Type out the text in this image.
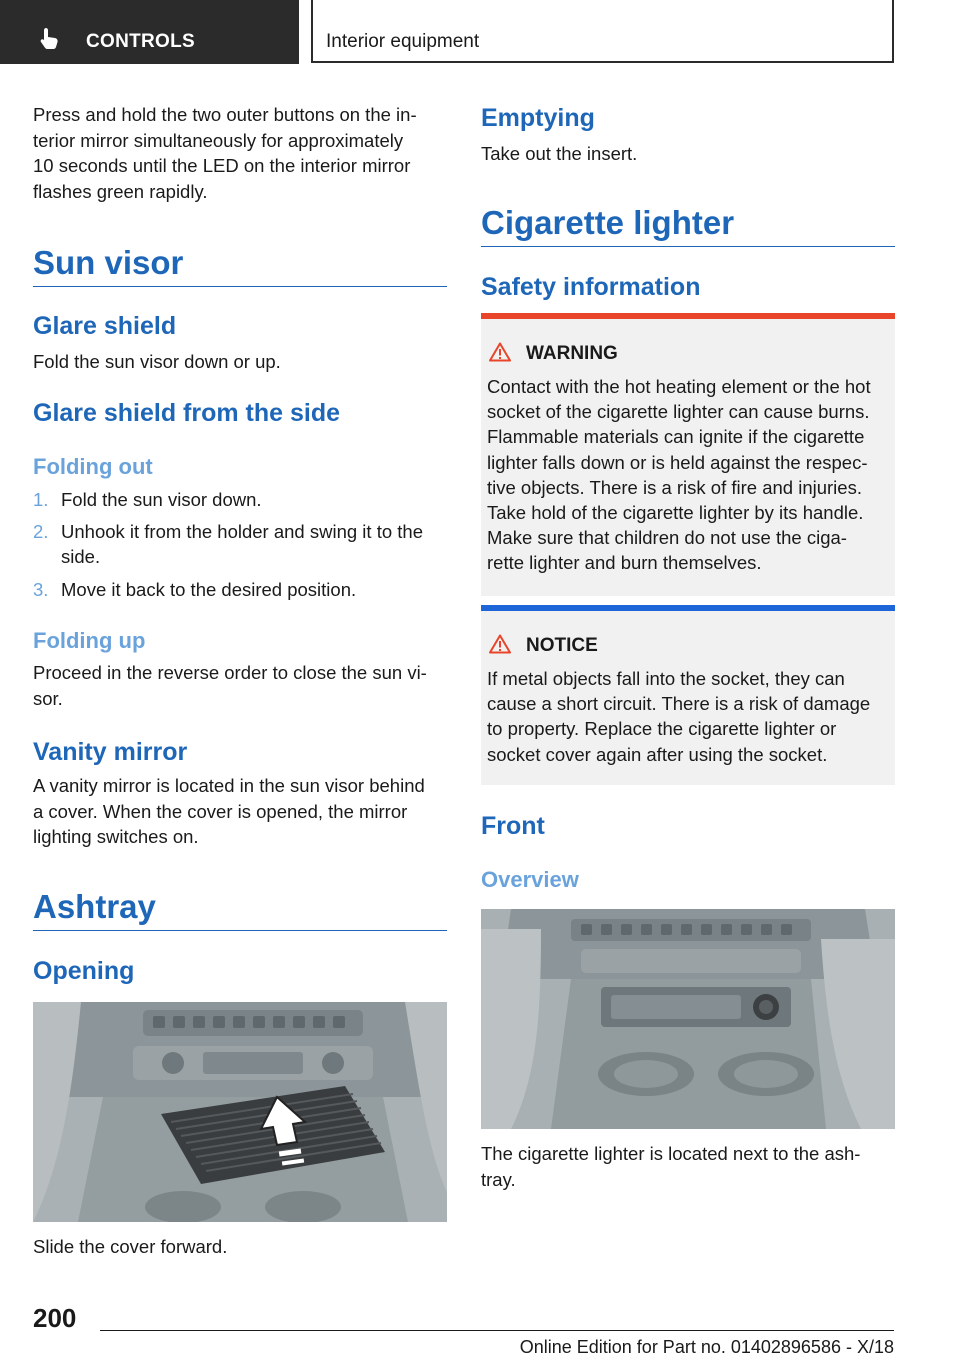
CONTROLS	Interior equipment
Press and hold the two outer buttons on the in-
terior mirror simultaneously for approximately
10 seconds until the LED on the interior mirror
flashes green rapidly.
Sun visor
Glare shield
Fold the sun visor down or up.
Glare shield from the side
Folding out
1. Fold the sun visor down.
2. Unhook it from the holder and swing it to the
side.
3. Move it back to the desired position.
Folding up
Proceed in the reverse order to close the sun vi-
sor.
Vanity mirror
A vanity mirror is located in the sun visor behind
a cover. When the cover is opened, the mirror
lighting switches on.
Ashtray
Opening
Slide the cover forward.
Emptying
Take out the insert.
Cigarette lighter
Safety information
WARNING
Contact with the hot heating element or the hot
socket of the cigarette lighter can cause burns.
Flammable materials can ignite if the cigarette
lighter falls down or is held against the respec-
tive objects. There is a risk of fire and injuries.
Take hold of the cigarette lighter by its handle.
Make sure that children do not use the ciga-
rette lighter and burn themselves.
NOTICE
If metal objects fall into the socket, they can
cause a short circuit. There is a risk of damage
to property. Replace the cigarette lighter or
socket cover again after using the socket.
Front
Overview
The cigarette lighter is located next to the ash-
tray.
200
Online Edition for Part no. 01402896586 - X/18
